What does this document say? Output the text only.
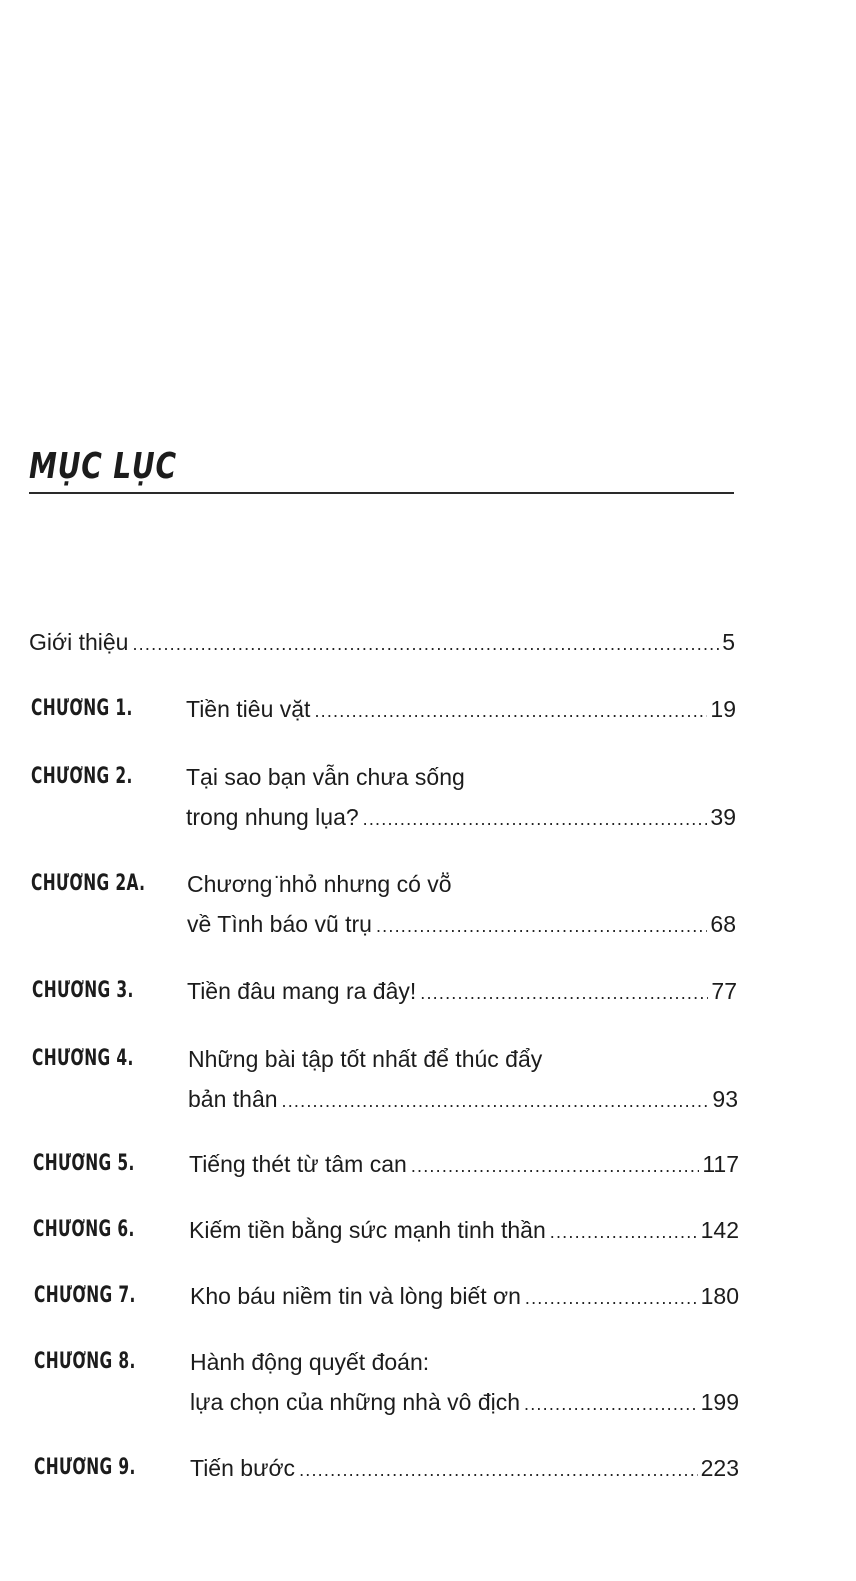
MỤC LỤC
Giới thiệu .....	5
CHƯƠNG 1. Tiền tiêu vặt .....	19
CHƯƠNG 2. Tại sao bạn vẫn chưa sống
trong nhung lụa? .....	39
CHƯƠNG 2A. Chương ̈nhỏ nhưng có vṏ
về Tình báo vũ trụ .....	68
CHƯƠNG 3. Tiền đâu mang ra đây! .....	77
CHƯƠNG 4. Những bài tập tốt nhất để thúc đẩy
bản thân .....	93
CHƯƠNG 5. Tiếng thét từ tâm can .....	117
CHƯƠNG 6. Kiếm tiền bằng sức mạnh tinh thần .....	142
CHƯƠNG 7. Kho báu niềm tin và lòng biết ơn .....	180
CHƯƠNG 8. Hành động quyết đoán:
lựa chọn của những nhà vô địch .....	199
CHƯƠNG 9. Tiến bước .....	223
